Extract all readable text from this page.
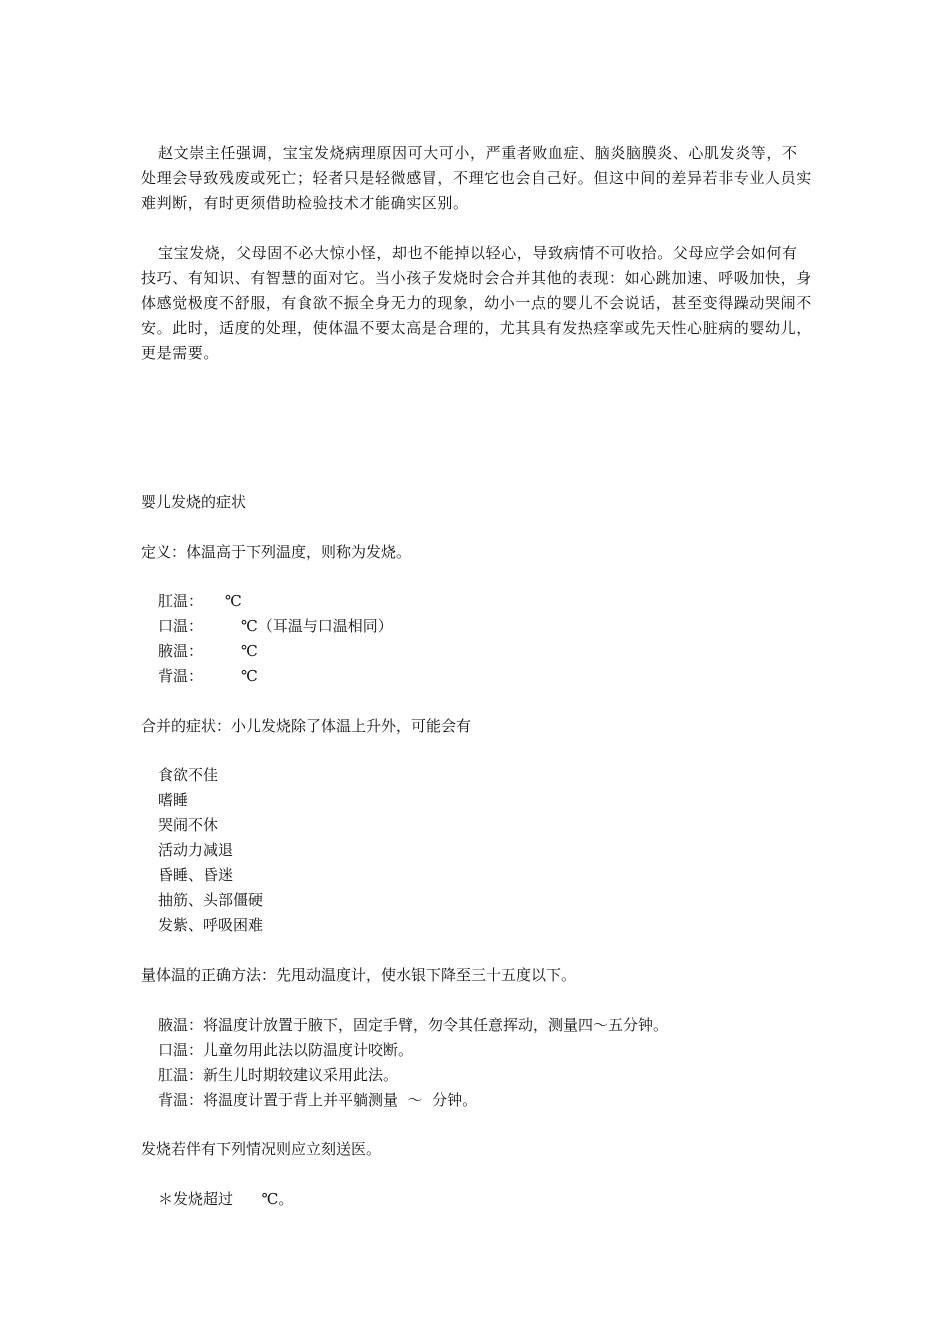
赵文崇主任强调，宝宝发烧病理原因可大可小，严重者败血症、脑炎脑膜炎、心肌发炎等，不处理会导致残废或死亡；轻者只是轻微感冒，不理它也会自己好。但这中间的差异若非专业人员实难判断，有时更须借助检验技术才能确实区别。
宝宝发烧，父母固不必大惊小怪，却也不能掉以轻心，导致病情不可收拾。父母应学会如何有技巧、有知识、有智慧的面对它。当小孩子发烧时会合并其他的表现：如心跳加速、呼吸加快，身体感觉极度不舒服，有食欲不振全身无力的现象，幼小一点的婴儿不会说话，甚至变得躁动哭闹不安。此时，适度的处理，使体温不要太高是合理的，尤其具有发热痉挛或先天性心脏病的婴幼儿，更是需要。
婴儿发烧的症状
定义：体温高于下列温度，则称为发烧。
肛温： ℃
口温：	℃（耳温与口温相同）
腋温：	℃
背温：	℃
合并的症状：小儿发烧除了体温上升外，可能会有
食欲不佳
嗜睡
哭闹不休
活动力减退
昏睡、昏迷
抽筋、头部僵硬
发紫、呼吸困难
量体温的正确方法：先甩动温度计，使水银下降至三十五度以下。
腋温：将温度计放置于腋下，固定手臂，勿令其任意挥动，测量四～五分钟。
口温：儿童勿用此法以防温度计咬断。
肛温：新生儿时期较建议采用此法。
背温：将温度计置于背上并平躺测量  ～  分钟。
发烧若伴有下列情况则应立刻送医。
＊发烧超过      ℃。
